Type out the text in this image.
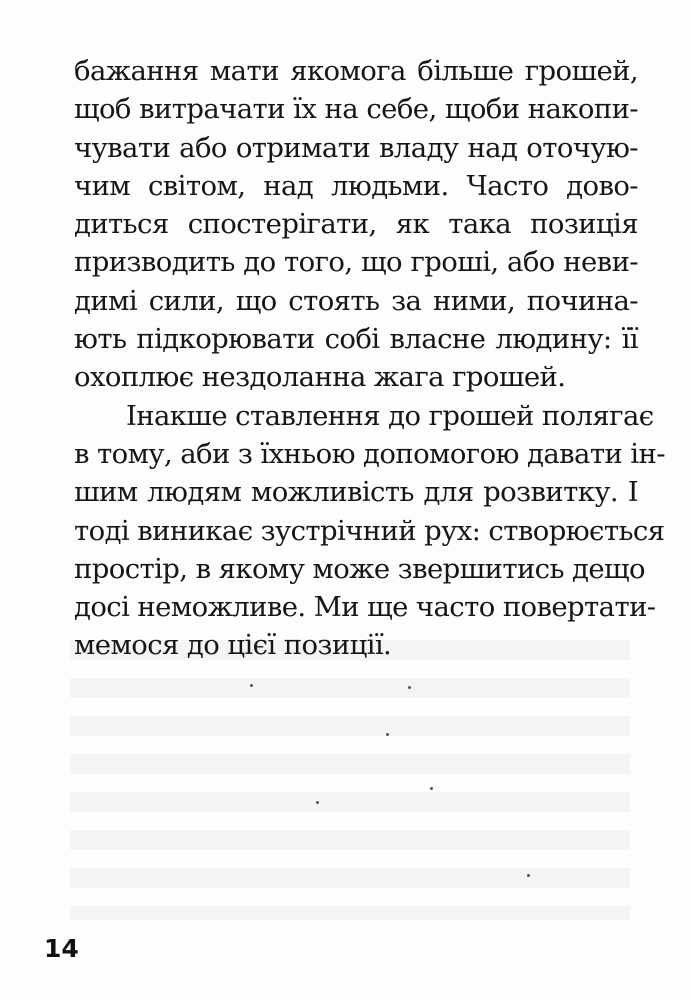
бажання мати якомога більше грошей,
щоб витрачати їх на себе, щоби накопи-
чувати або отримати владу над оточую-
чим світом, над людьми. Часто дово-
диться спостерігати, як така позиція
призводить до того, що гроші, або неви-
димі сили, що стоять за ними, почина-
ють підкорювати собі власне людину: її
охоплює нездоланна жага грошей.
Інакше ставлення до грошей полягає
в тому, аби з їхньою допомогою давати ін-
шим людям можливість для розвитку. І
тоді виникає зустрічний рух: створюється
простір, в якому може звершитись дещо
досі неможливе. Ми ще часто повертати-
мемося до цієї позиції.
14
